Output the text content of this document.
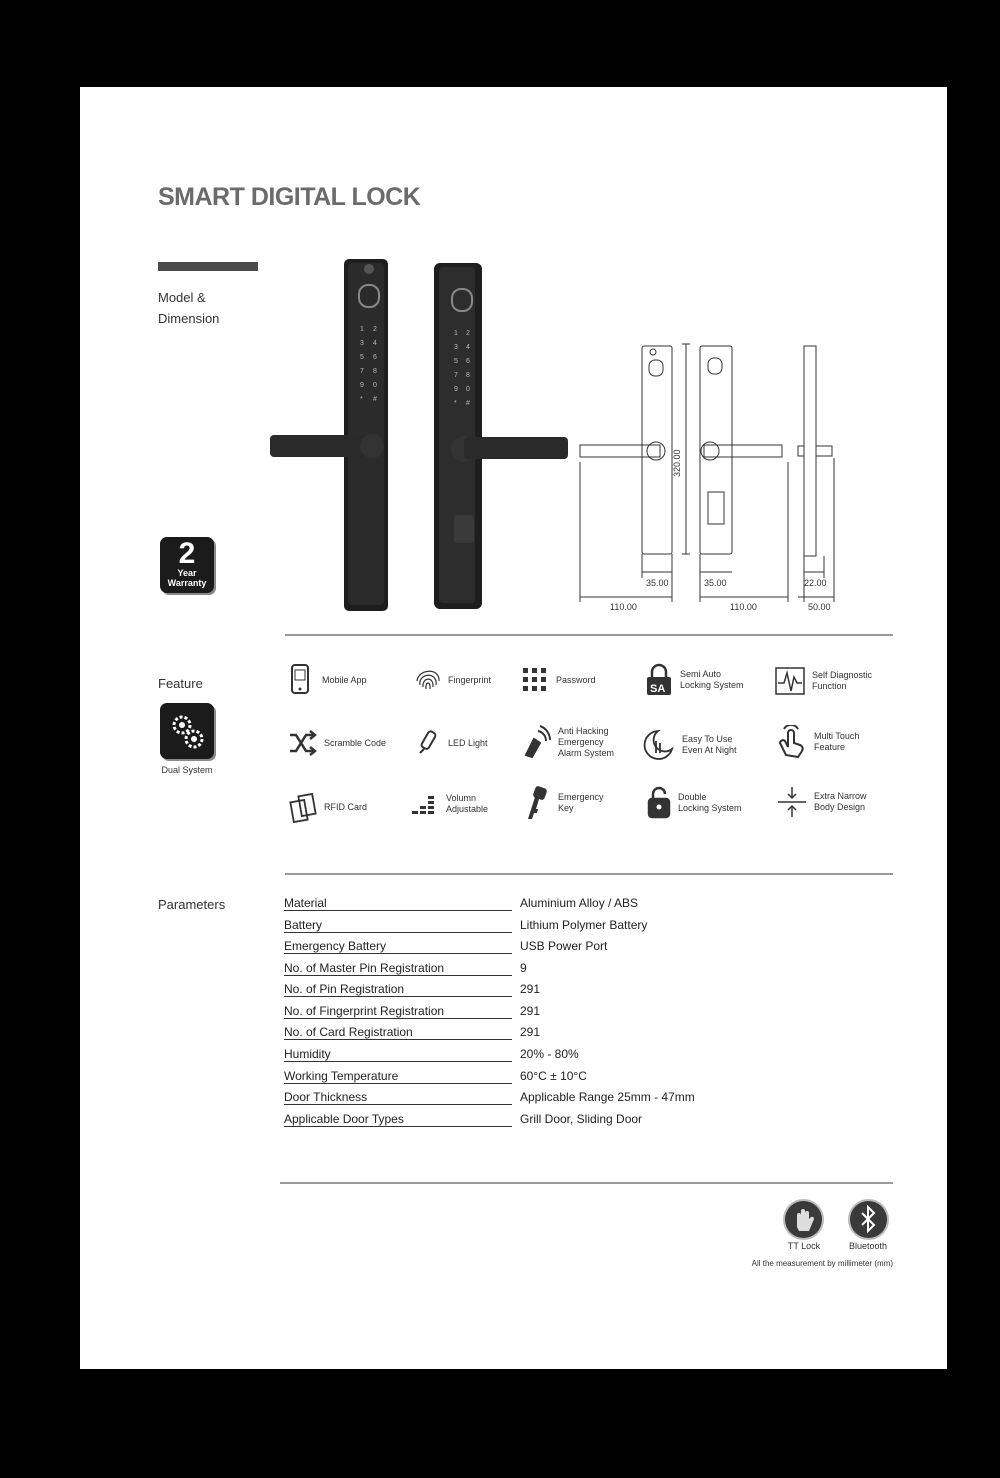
SMART DIGITAL LOCK
Model &
Dimension
2
Year
Warranty
1 2
3 4
5 6
7 8
9 0
* #
1 2
3 4
5 6
7 8
9 0
* #
320.00
35.00	35.00	22.00
110.00	110.00	50.00
Feature
Dual System
Mobile App	Fingerprint	Password
SA
Semi Auto
Locking System
Self Diagnostic
Function
Scramble Code	LED Light
Anti Hacking
Emergency
Alarm System
Easy To Use
Even At Night
Multi Touch
Feature
RFID Card
Volumn
Adjustable
Emergency
Key
Double
Locking System
Extra Narrow
Body Design
Parameters	Material	Aluminium Alloy / ABS
Battery	Lithium Polymer Battery
Emergency Battery	USB Power Port
No. of Master Pin Registration	9
No. of Pin Registration	291
No. of Fingerprint Registration	291
No. of Card Registration	291
Humidity	20% - 80%
Working Temperature	60°C ± 10°C
Door Thickness	Applicable Range 25mm - 47mm
Applicable Door Types	Grill Door, Sliding Door
TT Lock	Bluetooth
All the measurement by millimeter (mm)
